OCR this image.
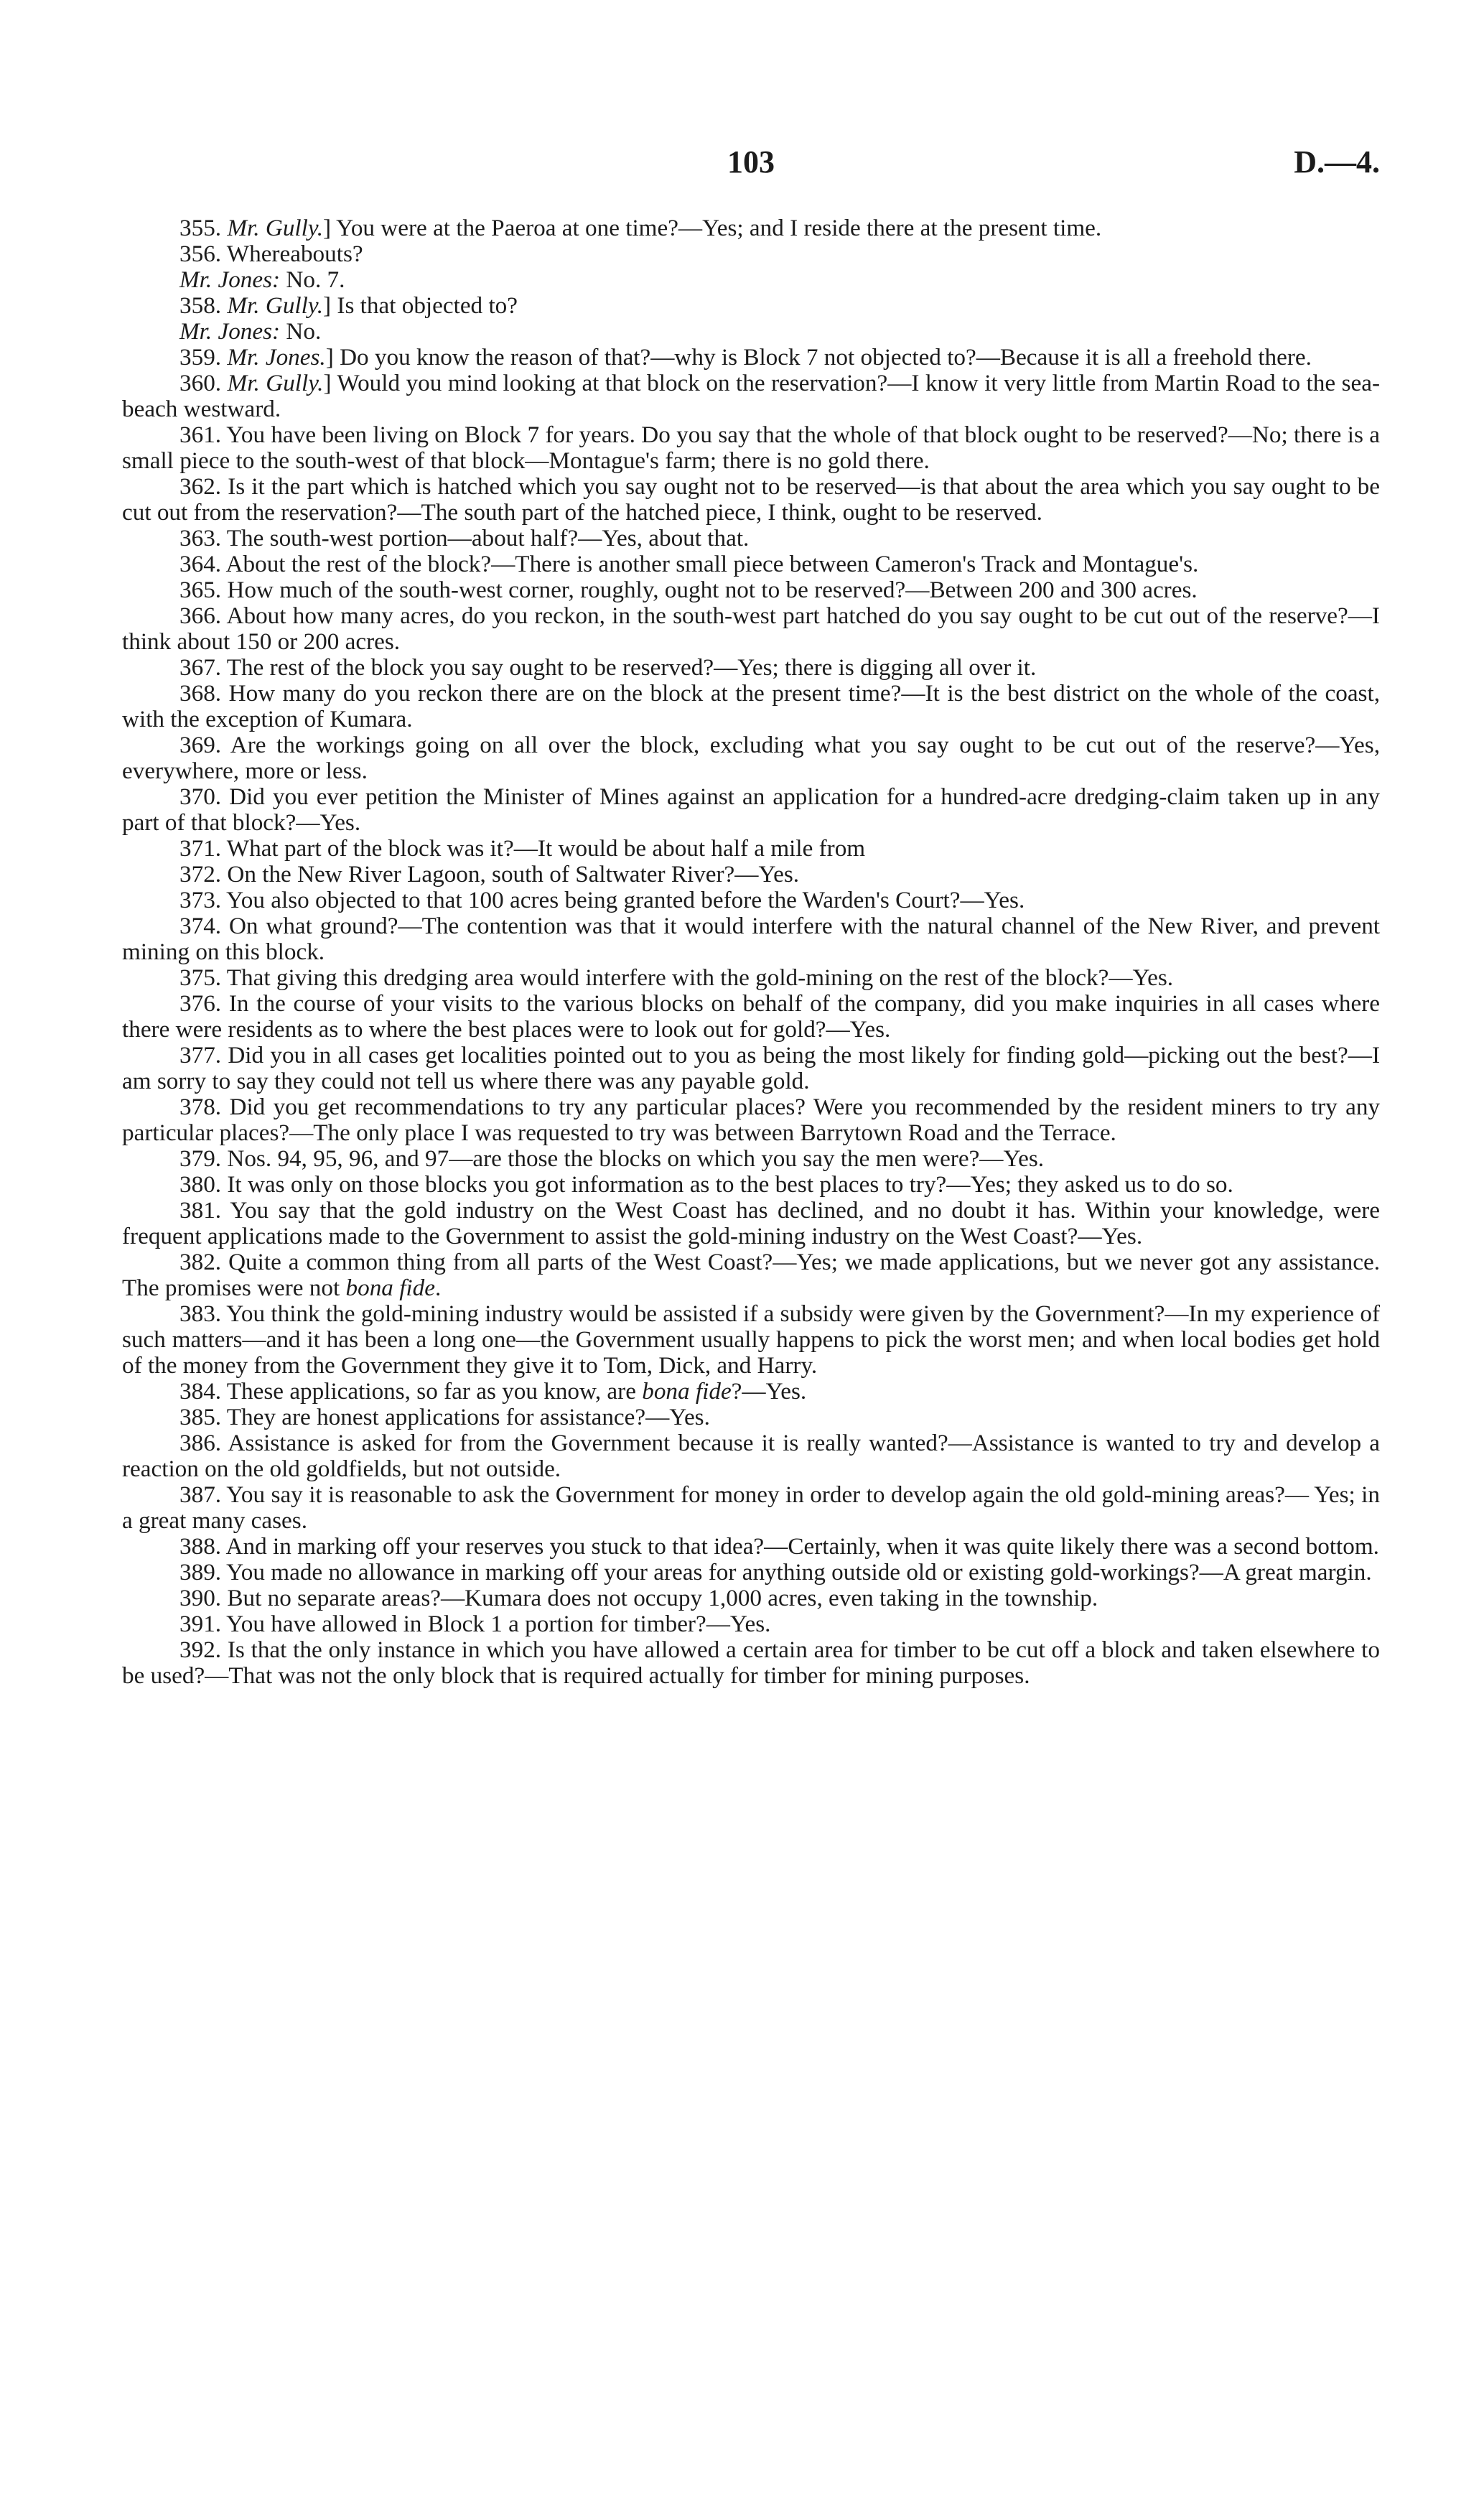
103	D.—4.

355. Mr. Gully.] You were at the Paeroa at one time?—Yes; and I reside there at the present time.

356. Whereabouts?

Mr. Jones: No. 7.

358. Mr. Gully.] Is that objected to?

Mr. Jones: No.

359. Mr. Jones.] Do you know the reason of that?—why is Block 7 not objected to?—Because it is all a freehold there.

360. Mr. Gully.] Would you mind looking at that block on the reservation?—I know it very little from Martin Road to the sea-beach westward.

361. You have been living on Block 7 for years. Do you say that the whole of that block ought to be reserved?—No; there is a small piece to the south-west of that block—Montague's farm; there is no gold there.

362. Is it the part which is hatched which you say ought not to be reserved—is that about the area which you say ought to be cut out from the reservation?—The south part of the hatched piece, I think, ought to be reserved.

363. The south-west portion—about half?—Yes, about that.

364. About the rest of the block?—There is another small piece between Cameron's Track and Montague's.

365. How much of the south-west corner, roughly, ought not to be reserved?—Between 200 and 300 acres.

366. About how many acres, do you reckon, in the south-west part hatched do you say ought to be cut out of the reserve?—I think about 150 or 200 acres.

367. The rest of the block you say ought to be reserved?—Yes; there is digging all over it.

368. How many do you reckon there are on the block at the present time?—It is the best district on the whole of the coast, with the exception of Kumara.

369. Are the workings going on all over the block, excluding what you say ought to be cut out of the reserve?—Yes, everywhere, more or less.

370. Did you ever petition the Minister of Mines against an application for a hundred-acre dredging-claim taken up in any part of that block?—Yes.

371. What part of the block was it?—It would be about half a mile from

372. On the New River Lagoon, south of Saltwater River?—Yes.

373. You also objected to that 100 acres being granted before the Warden's Court?—Yes.

374. On what ground?—The contention was that it would interfere with the natural channel of the New River, and prevent mining on this block.

375. That giving this dredging area would interfere with the gold-mining on the rest of the block?—Yes.

376. In the course of your visits to the various blocks on behalf of the company, did you make inquiries in all cases where there were residents as to where the best places were to look out for gold?—Yes.

377. Did you in all cases get localities pointed out to you as being the most likely for finding gold—picking out the best?—I am sorry to say they could not tell us where there was any payable gold.

378. Did you get recommendations to try any particular places? Were you recommended by the resident miners to try any particular places?—The only place I was requested to try was between Barrytown Road and the Terrace.

379. Nos. 94, 95, 96, and 97—are those the blocks on which you say the men were?—Yes.

380. It was only on those blocks you got information as to the best places to try?—Yes; they asked us to do so.

381. You say that the gold industry on the West Coast has declined, and no doubt it has. Within your knowledge, were frequent applications made to the Government to assist the gold-mining industry on the West Coast?—Yes.

382. Quite a common thing from all parts of the West Coast?—Yes; we made applications, but we never got any assistance. The promises were not bona fide.

383. You think the gold-mining industry would be assisted if a subsidy were given by the Government?—In my experience of such matters—and it has been a long one—the Government usually happens to pick the worst men; and when local bodies get hold of the money from the Government they give it to Tom, Dick, and Harry.

384. These applications, so far as you know, are bona fide?—Yes.

385. They are honest applications for assistance?—Yes.

386. Assistance is asked for from the Government because it is really wanted?—Assistance is wanted to try and develop a reaction on the old goldfields, but not outside.

387. You say it is reasonable to ask the Government for money in order to develop again the old gold-mining areas?— Yes; in a great many cases.

388. And in marking off your reserves you stuck to that idea?—Certainly, when it was quite likely there was a second bottom.

389. You made no allowance in marking off your areas for anything outside old or existing gold-workings?—A great margin.

390. But no separate areas?—Kumara does not occupy 1,000 acres, even taking in the township.

391. You have allowed in Block 1 a portion for timber?—Yes.

392. Is that the only instance in which you have allowed a certain area for timber to be cut off a block and taken elsewhere to be used?—That was not the only block that is required actually for timber for mining purposes.
